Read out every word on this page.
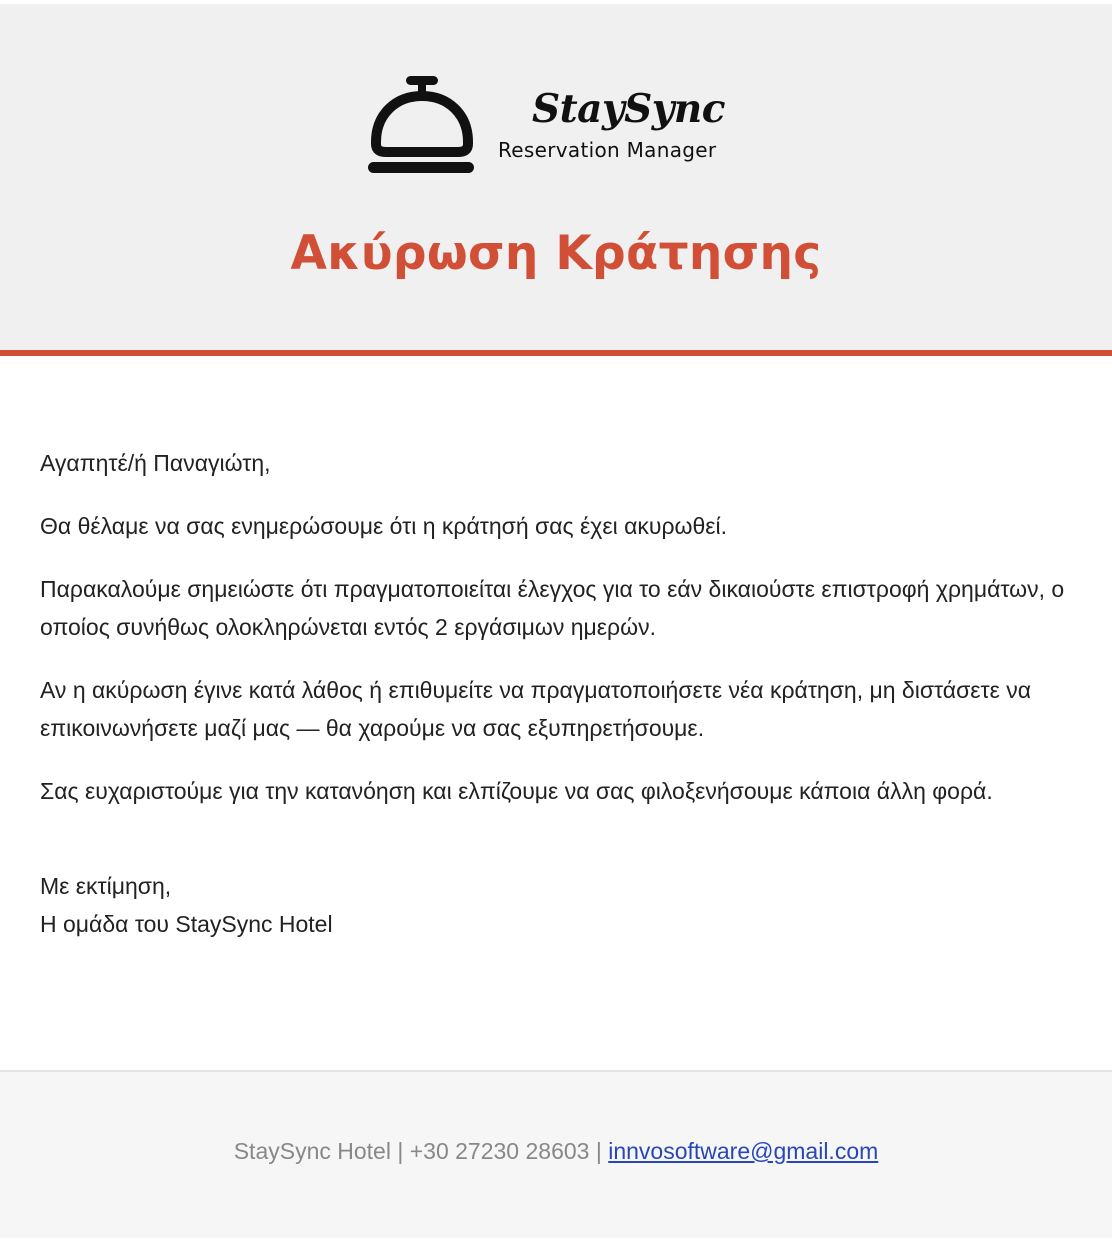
StaySync
Reservation Manager
Ακύρωση Κράτησης

Αγαπητέ/ή Παναγιώτη,

Θα θέλαμε να σας ενημερώσουμε ότι η κράτησή σας έχει ακυρωθεί.

Παρακαλούμε σημειώστε ότι πραγματοποιείται έλεγχος για το εάν δικαιούστε επιστροφή χρημάτων, ο οποίος συνήθως ολοκληρώνεται εντός 2 εργάσιμων ημερών.

Αν η ακύρωση έγινε κατά λάθος ή επιθυμείτε να πραγματοποιήσετε νέα κράτηση, μη διστάσετε να επικοινωνήσετε μαζί μας — θα χαρούμε να σας εξυπηρετήσουμε.

Σας ευχαριστούμε για την κατανόηση και ελπίζουμε να σας φιλοξενήσουμε κάποια άλλη φορά.

Με εκτίμηση,
Η ομάδα του StaySync Hotel
StaySync Hotel | +30 27230 28603 | innvosoftware@gmail.com
